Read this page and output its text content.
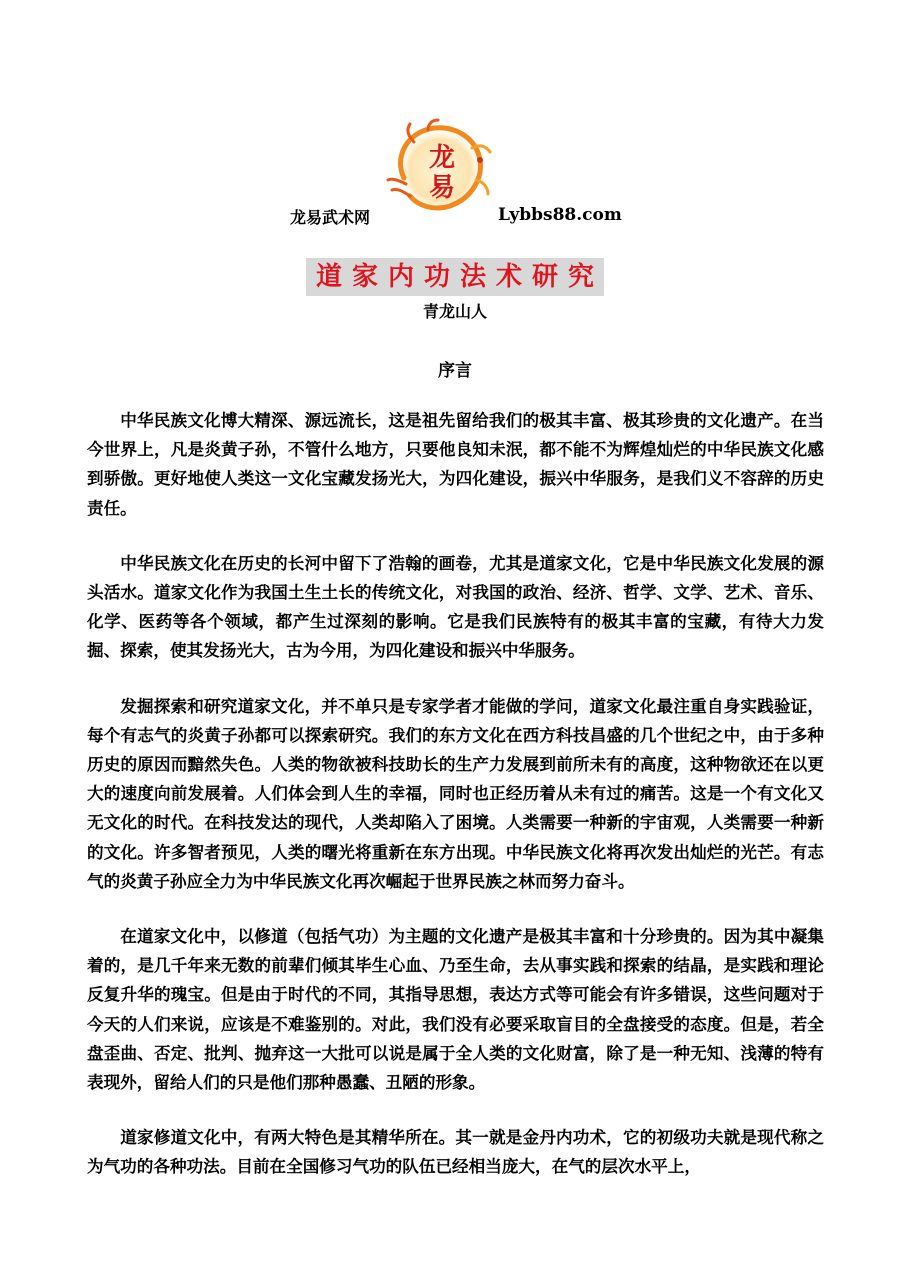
龙
易
龙易武术网	Lybbs88.com
道家内功法术研究
青龙山人
序言

中华民族文化博大精深、源远流长，这是祖先留给我们的极其丰富、极其珍贵的文化遗产。在当今世界上，凡是炎黄子孙，不管什么地方，只要他良知未泯，都不能不为辉煌灿烂的中华民族文化感到骄傲。更好地使人类这一文化宝藏发扬光大，为四化建设，振兴中华服务，是我们义不容辞的历史责任。

中华民族文化在历史的长河中留下了浩翰的画卷，尤其是道家文化，它是中华民族文化发展的源头活水。道家文化作为我国土生土长的传统文化，对我国的政治、经济、哲学、文学、艺术、音乐、化学、医药等各个领域，都产生过深刻的影响。它是我们民族特有的极其丰富的宝藏，有待大力发掘、探索，使其发扬光大，古为今用，为四化建设和振兴中华服务。

发掘探索和研究道家文化，并不单只是专家学者才能做的学问，道家文化最注重自身实践验证，每个有志气的炎黄子孙都可以探索研究。我们的东方文化在西方科技昌盛的几个世纪之中，由于多种历史的原因而黯然失色。人类的物欲被科技助长的生产力发展到前所未有的高度，这种物欲还在以更大的速度向前发展着。人们体会到人生的幸福，同时也正经历着从未有过的痛苦。这是一个有文化又无文化的时代。在科技发达的现代，人类却陷入了困境。人类需要一种新的宇宙观，人类需要一种新的文化。许多智者预见，人类的曙光将重新在东方出现。中华民族文化将再次发出灿烂的光芒。有志气的炎黄子孙应全力为中华民族文化再次崛起于世界民族之林而努力奋斗。

在道家文化中，以修道（包括气功）为主题的文化遗产是极其丰富和十分珍贵的。因为其中凝集着的，是几千年来无数的前辈们倾其毕生心血、乃至生命，去从事实践和探索的结晶，是实践和理论反复升华的瑰宝。但是由于时代的不同，其指导思想，表达方式等可能会有许多错误，这些问题对于今天的人们来说，应该是不难鉴别的。对此，我们没有必要采取盲目的全盘接受的态度。但是，若全盘歪曲、否定、批判、抛弃这一大批可以说是属于全人类的文化财富，除了是一种无知、浅薄的特有表现外，留给人们的只是他们那种愚蠢、丑陋的形象。

道家修道文化中，有两大特色是其精华所在。其一就是金丹内功术，它的初级功夫就是现代称之为气功的各种功法。目前在全国修习气功的队伍已经相当庞大，在气的层次水平上，
